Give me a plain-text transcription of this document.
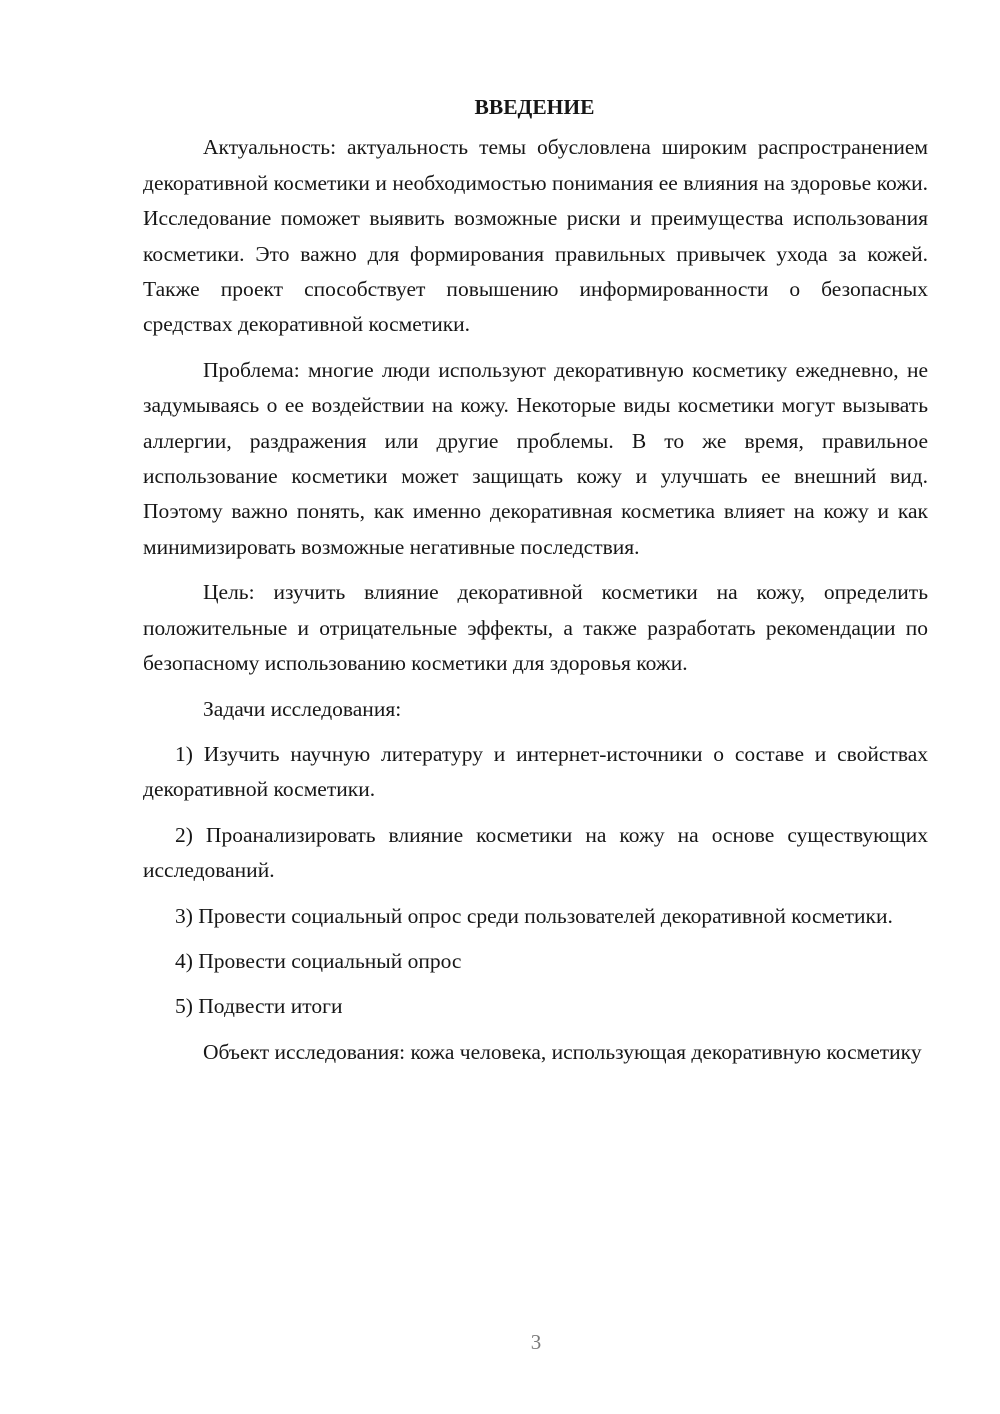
ВВЕДЕНИЕ

Актуальность: актуальность темы обусловлена широким распространением декоративной косметики и необходимостью понимания ее влияния на здоровье кожи. Исследование поможет выявить возможные риски и преимущества использования косметики. Это важно для формирования правильных привычек ухода за кожей. Также проект способствует повышению информированности о безопасных средствах декоративной косметики.

Проблема: многие люди используют декоративную косметику ежедневно, не задумываясь о ее воздействии на кожу. Некоторые виды косметики могут вызывать аллергии, раздражения или другие проблемы. В то же время, правильное использование косметики может защищать кожу и улучшать ее внешний вид. Поэтому важно понять, как именно декоративная косметика влияет на кожу и как минимизировать возможные негативные последствия.

Цель: изучить влияние декоративной косметики на кожу, определить положительные и отрицательные эффекты, а также разработать рекомендации по безопасному использованию косметики для здоровья кожи.

Задачи исследования:

1) Изучить научную литературу и интернет-источники о составе и свойствах декоративной косметики.

2) Проанализировать влияние косметики на кожу на основе существующих исследований.

3) Провести социальный опрос среди пользователей декоративной косметики.

4) Провести социальный опрос

5) Подвести итоги

Объект исследования: кожа человека, использующая декоративную косметику

3
